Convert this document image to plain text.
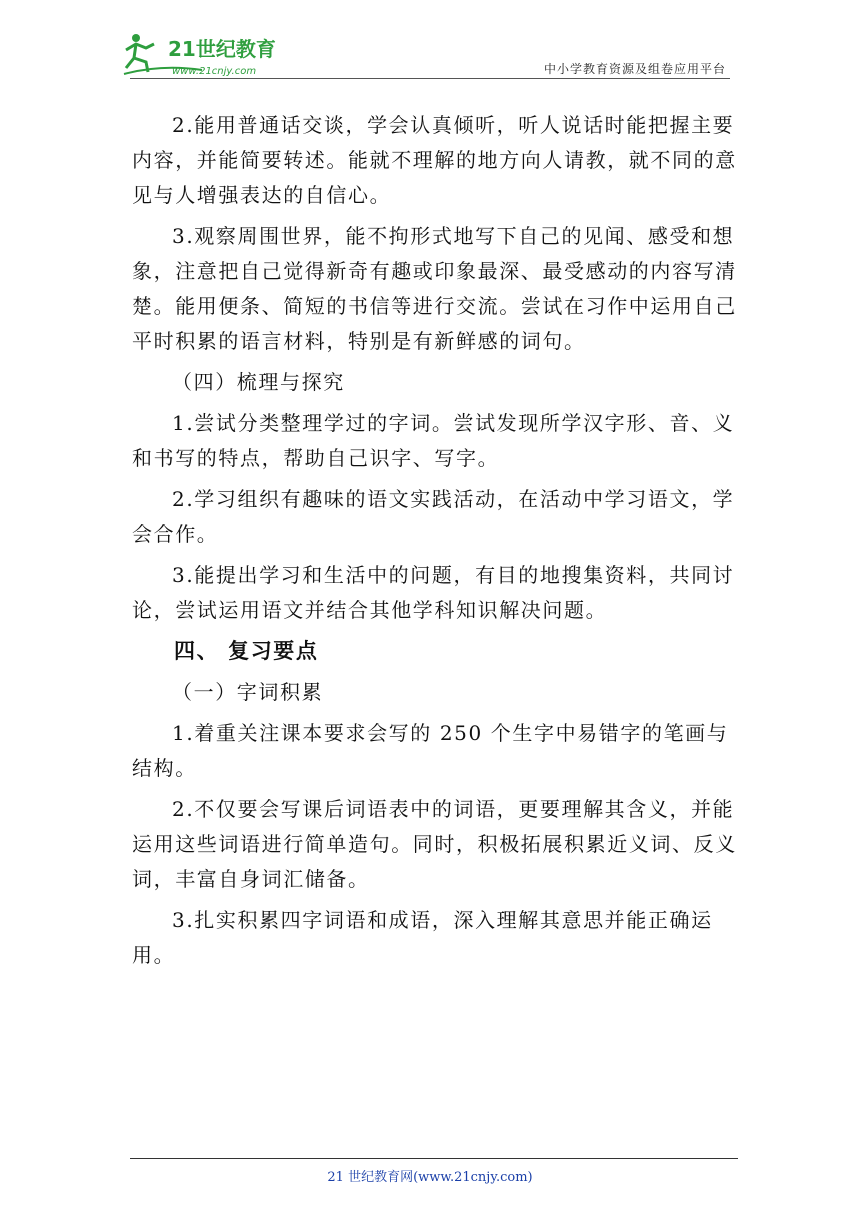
21世纪教育
www.21cnjy.com	中小学教育资源及组卷应用平台

2.能用普通话交谈，学会认真倾听，听人说话时能把握主要内容，并能简要转述。能就不理解的地方向人请教，就不同的意见与人增强表达的自信心。

3.观察周围世界，能不拘形式地写下自己的见闻、感受和想象，注意把自己觉得新奇有趣或印象最深、最受感动的内容写清楚。能用便条、简短的书信等进行交流。尝试在习作中运用自己平时积累的语言材料，特别是有新鲜感的词句。

（四）梳理与探究

1.尝试分类整理学过的字词。尝试发现所学汉字形、音、义和书写的特点，帮助自己识字、写字。

2.学习组织有趣味的语文实践活动，在活动中学习语文，学会合作。

3.能提出学习和生活中的问题，有目的地搜集资料，共同讨论，尝试运用语文并结合其他学科知识解决问题。

四、 复习要点

（一）字词积累

1.着重关注课本要求会写的 250 个生字中易错字的笔画与结构。

2.不仅要会写课后词语表中的词语，更要理解其含义，并能运用这些词语进行简单造句。同时，积极拓展积累近义词、反义词，丰富自身词汇储备。

3.扎实积累四字词语和成语，深入理解其意思并能正确运用。

21 世纪教育网(www.21cnjy.com)
